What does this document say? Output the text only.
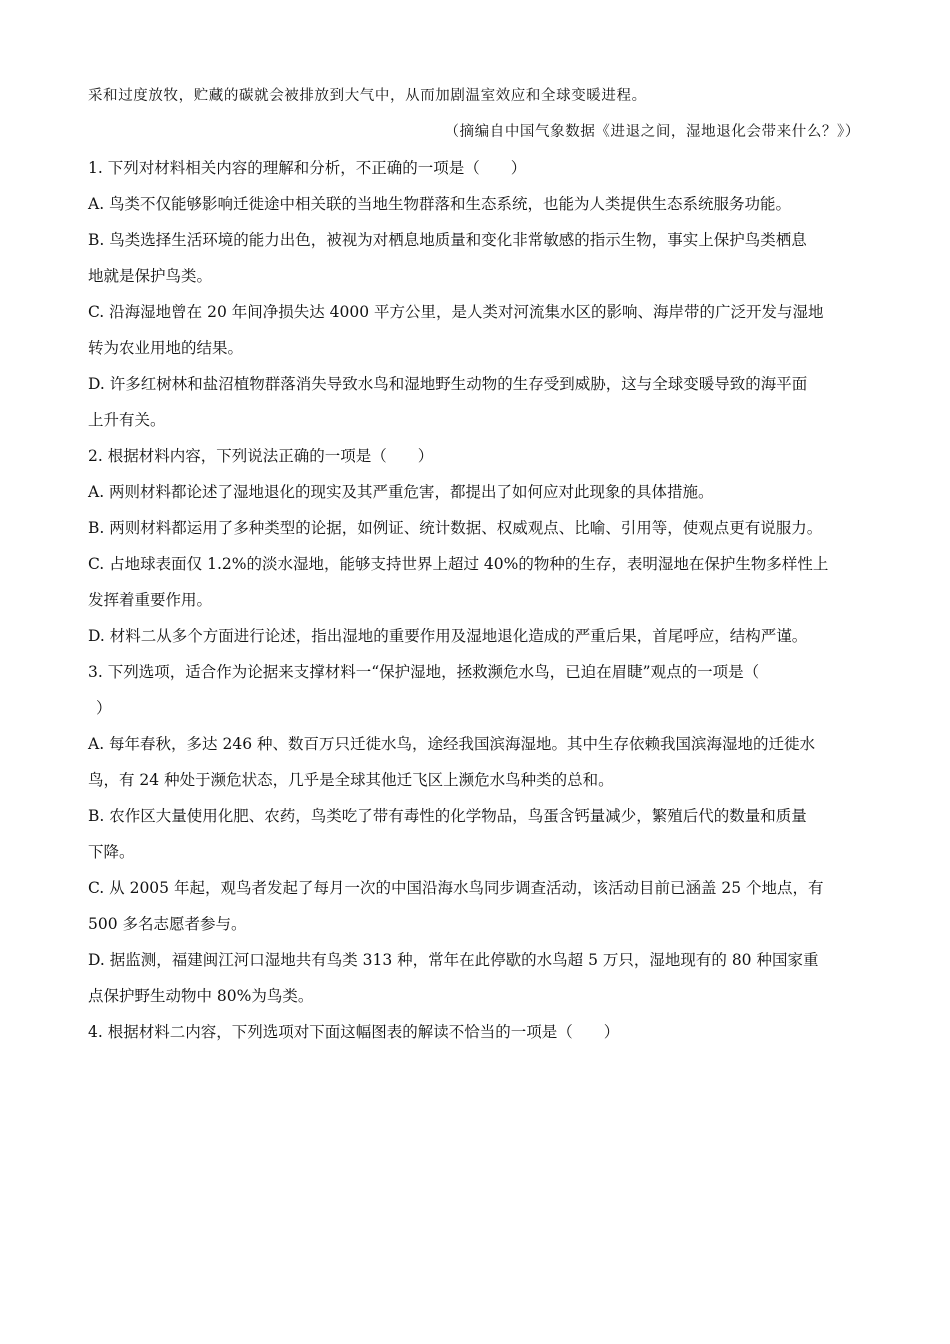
采和过度放牧，贮藏的碳就会被排放到大气中，从而加剧温室效应和全球变暖进程。
（摘编自中国气象数据《进退之间，湿地退化会带来什么？》）
1. 下列对材料相关内容的理解和分析，不正确的一项是（　　）
A. 鸟类不仅能够影响迁徙途中相关联的当地生物群落和生态系统，也能为人类提供生态系统服务功能。
B. 鸟类选择生活环境的能力出色，被视为对栖息地质量和变化非常敏感的指示生物，事实上保护鸟类栖息
地就是保护鸟类。
C. 沿海湿地曾在 20 年间净损失达 4000 平方公里，是人类对河流集水区的影响、海岸带的广泛开发与湿地
转为农业用地的结果。
D. 许多红树林和盐沼植物群落消失导致水鸟和湿地野生动物的生存受到威胁，这与全球变暖导致的海平面
上升有关。
2. 根据材料内容，下列说法正确的一项是（　　）
A. 两则材料都论述了湿地退化的现实及其严重危害，都提出了如何应对此现象的具体措施。
B. 两则材料都运用了多种类型的论据，如例证、统计数据、权威观点、比喻、引用等，使观点更有说服力。
C. 占地球表面仅 1.2%的淡水湿地，能够支持世界上超过 40%的物种的生存，表明湿地在保护生物多样性上
发挥着重要作用。
D. 材料二从多个方面进行论述，指出湿地的重要作用及湿地退化造成的严重后果，首尾呼应，结构严谨。
3. 下列选项，适合作为论据来支撑材料一“保护湿地，拯救濒危水鸟，已迫在眉睫”观点的一项是（
）
A. 每年春秋，多达 246 种、数百万只迁徙水鸟，途经我国滨海湿地。其中生存依赖我国滨海湿地的迁徙水
鸟，有 24 种处于濒危状态，几乎是全球其他迁飞区上濒危水鸟种类的总和。
B. 农作区大量使用化肥、农药，鸟类吃了带有毒性的化学物品，鸟蛋含钙量减少，繁殖后代的数量和质量
下降。
C. 从 2005 年起，观鸟者发起了每月一次的中国沿海水鸟同步调查活动，该活动目前已涵盖 25 个地点，有
500 多名志愿者参与。
D. 据监测，福建闽江河口湿地共有鸟类 313 种，常年在此停歇的水鸟超 5 万只，湿地现有的 80 种国家重
点保护野生动物中 80%为鸟类。
4. 根据材料二内容，下列选项对下面这幅图表的解读不恰当的一项是（　　）
